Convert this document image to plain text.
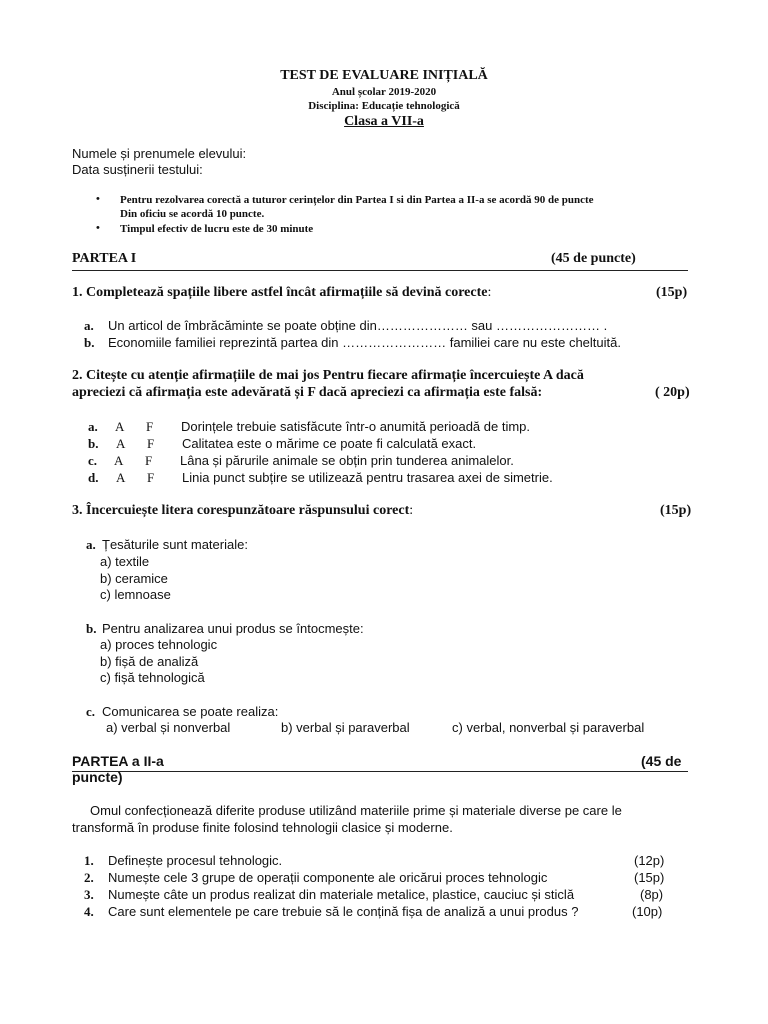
TEST DE EVALUARE INIȚIALĂ
Anul școlar 2019-2020
Disciplina: Educație tehnologică
Clasa a VII-a
Numele și prenumele elevului:
Data susținerii testului:
• Pentru rezolvarea corectă a tuturor cerințelor din Partea I si din Partea a II-a se acordă 90 de puncte
Din oficiu se acordă 10 puncte.
• Timpul efectiv de lucru este de 30 minute
PARTEA I	(45 de puncte)
1. Completează spațiile libere astfel încât afirmațiile să devină corecte:	(15p)
a. Un articol de îmbrăcăminte se poate obține din………………… sau …………………… .
b. Economiile familiei reprezintă partea din …………………… familiei care nu este cheltuită.
2. Citește cu atenție afirmațiile de mai jos Pentru fiecare afirmație încercuiește A dacă
apreciezi că afirmația este adevărată și F dacă apreciezi ca afirmația este falsă:	( 20p)
a. A F Dorințele trebuie satisfăcute într-o anumită perioadă de timp.
b. A F Calitatea este o mărime ce poate fi calculată exact.
c. A F Lâna și părurile animale se obțin prin tunderea animalelor.
d. A F Linia punct subțire se utilizează pentru trasarea axei de simetrie.
3. Încercuiește litera corespunzătoare răspunsului corect:	(15p)
a. Țesăturile sunt materiale:
a) textile
b) ceramice
c) lemnoase
b. Pentru analizarea unui produs se întocmește:
a) proces tehnologic
b) fișă de analiză
c) fișă tehnologică
c. Comunicarea se poate realiza:
a) verbal și nonverbal	b) verbal și paraverbal	c) verbal, nonverbal și paraverbal
PARTEA a II-a	(45 de
puncte)
Omul confecționează diferite produse utilizând materiile prime și materiale diverse pe care le
transformă în produse finite folosind tehnologii clasice și moderne.
1. Definește procesul tehnologic.	(12p)
2. Numește cele 3 grupe de operații componente ale oricărui proces tehnologic	(15p)
3. Numește câte un produs realizat din materiale metalice, plastice, cauciuc și sticlă	(8p)
4. Care sunt elementele pe care trebuie să le conțină fișa de analiză a unui produs ?	(10p)
